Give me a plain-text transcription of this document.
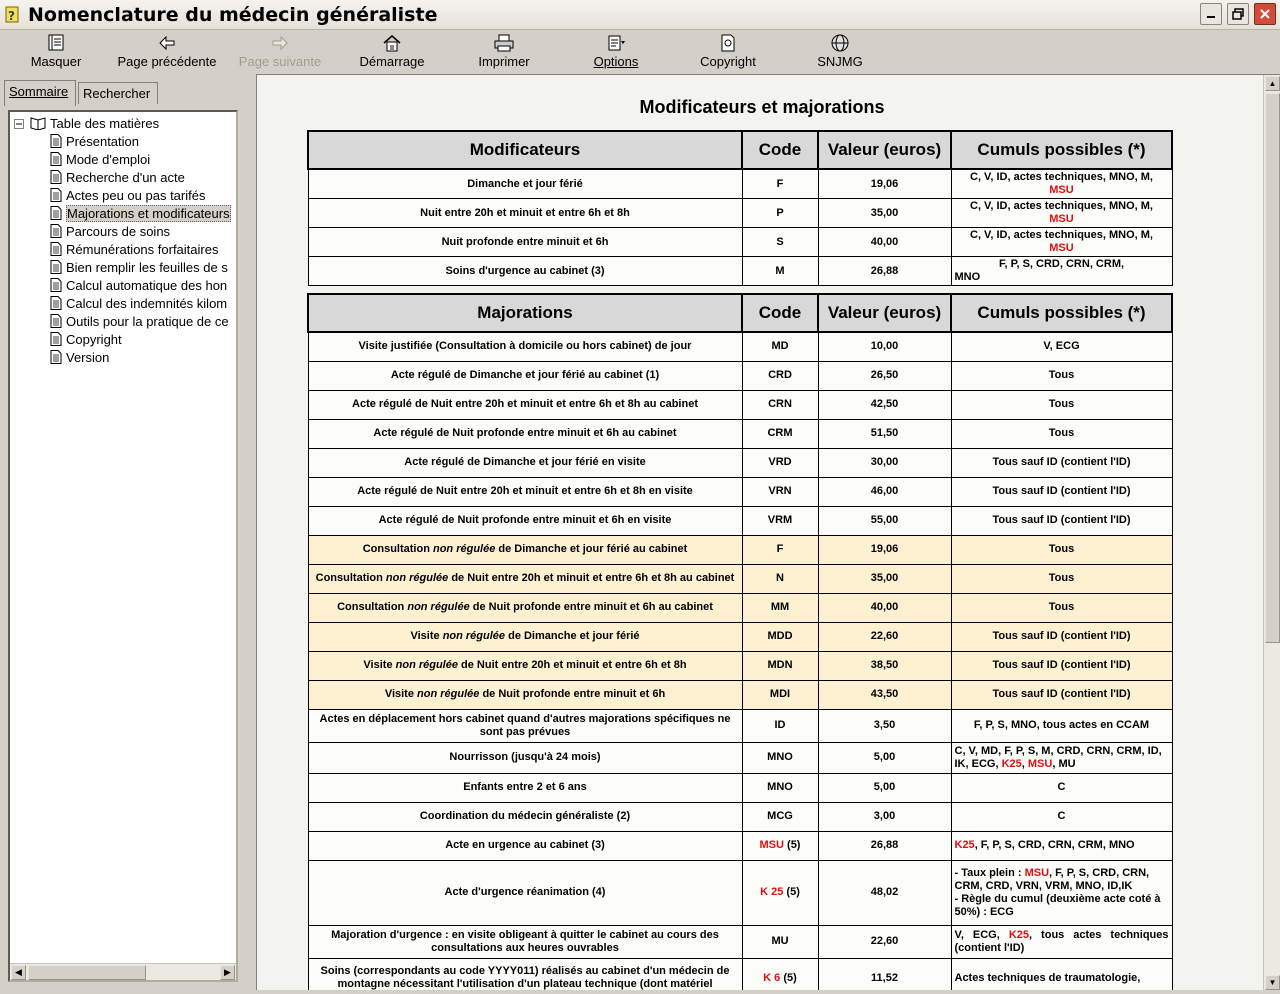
? Nomenclature du médecin généraliste
Masquer	Page précédente	Page suivante	Démarrage	Imprimer	Options	Copyright	SNJMG
Sommaire	Rechercher
Table des matières
Présentation
Mode d'emploi
Recherche d'un acte
Actes peu ou pas tarifés
Majorations et modificateurs
Parcours de soins
Rémunérations forfaitaires
Bien remplir les feuilles de s
Calcul automatique des hon
Calcul des indemnités kilom
Outils pour la pratique de ce
Copyright
Version
◀	▶
Modificateurs et majorations
Modificateurs	Code	Valeur (euros)	Cumuls possibles (*)
Dimanche et jour férié	F	19,06	C, V, ID, actes techniques, MNO, M,
MSU
Nuit entre 20h et minuit et entre 6h et 8h	P	35,00	C, V, ID, actes techniques, MNO, M,
MSU
Nuit profonde entre minuit et 6h	S	40,00	C, V, ID, actes techniques, MNO, M,
MSU
Soins d'urgence au cabinet (3)	M	26,88	F, P, S, CRD, CRN, CRM,

MNO
Majorations	Code	Valeur (euros)	Cumuls possibles (*)
Visite justifiée (Consultation à domicile ou hors cabinet) de jour	MD	10,00	V, ECG
Acte régulé de Dimanche et jour férié au cabinet (1)	CRD	26,50	Tous
Acte régulé de Nuit entre 20h et minuit et entre 6h et 8h au cabinet	CRN	42,50	Tous
Acte régulé de Nuit profonde entre minuit et 6h au cabinet	CRM	51,50	Tous
Acte régulé de Dimanche et jour férié en visite	VRD	30,00	Tous sauf ID (contient l'ID)
Acte régulé de Nuit entre 20h et minuit et entre 6h et 8h en visite	VRN	46,00	Tous sauf ID (contient l'ID)
Acte régulé de Nuit profonde entre minuit et 6h en visite	VRM	55,00	Tous sauf ID (contient l'ID)
Consultation non régulée de Dimanche et jour férié au cabinet	F	19,06	Tous
Consultation non régulée de Nuit entre 20h et minuit et entre 6h et 8h au cabinet	N	35,00	Tous
Consultation non régulée de Nuit profonde entre minuit et 6h au cabinet	MM	40,00	Tous
Visite non régulée de Dimanche et jour férié	MDD	22,60	Tous sauf ID (contient l'ID)
Visite non régulée de Nuit entre 20h et minuit et entre 6h et 8h	MDN	38,50	Tous sauf ID (contient l'ID)
Visite non régulée de Nuit profonde entre minuit et 6h	MDI	43,50	Tous sauf ID (contient l'ID)
Actes en déplacement hors cabinet quand d'autres majorations spécifiques ne sont pas prévues	ID	3,50	F, P, S, MNO, tous actes en CCAM
Nourrisson (jusqu'à 24 mois)	MNO	5,00	C, V, MD, F, P, S, M, CRD, CRN, CRM, ID, IK, ECG, K25, MSU, MU
Enfants entre 2 et 6 ans	MNO	5,00	C
Coordination du médecin généraliste (2)	MCG	3,00	C
Acte en urgence au cabinet (3)	MSU (5)	26,88	K25, F, P, S, CRD, CRN, CRM, MNO
Acte d'urgence réanimation (4)	K 25 (5)	48,02	- Taux plein : MSU, F, P, S, CRD, CRN, CRM, CRD, VRN, VRM, MNO, ID,IK
- Règle du cumul (deuxième acte coté à 50%) : ECG
Majoration d'urgence : en visite obligeant à quitter le cabinet au cours des consultations aux heures ouvrables	MU	22,60	V, ECG, K25, tous actes techniques (contient l'ID)
Soins (correspondants au code YYYY011) réalisés au cabinet d'un médecin de montagne nécessitant l'utilisation d'un plateau technique (dont matériel	K 6 (5)	11,52	Actes techniques de traumatologie,
▲
▼
